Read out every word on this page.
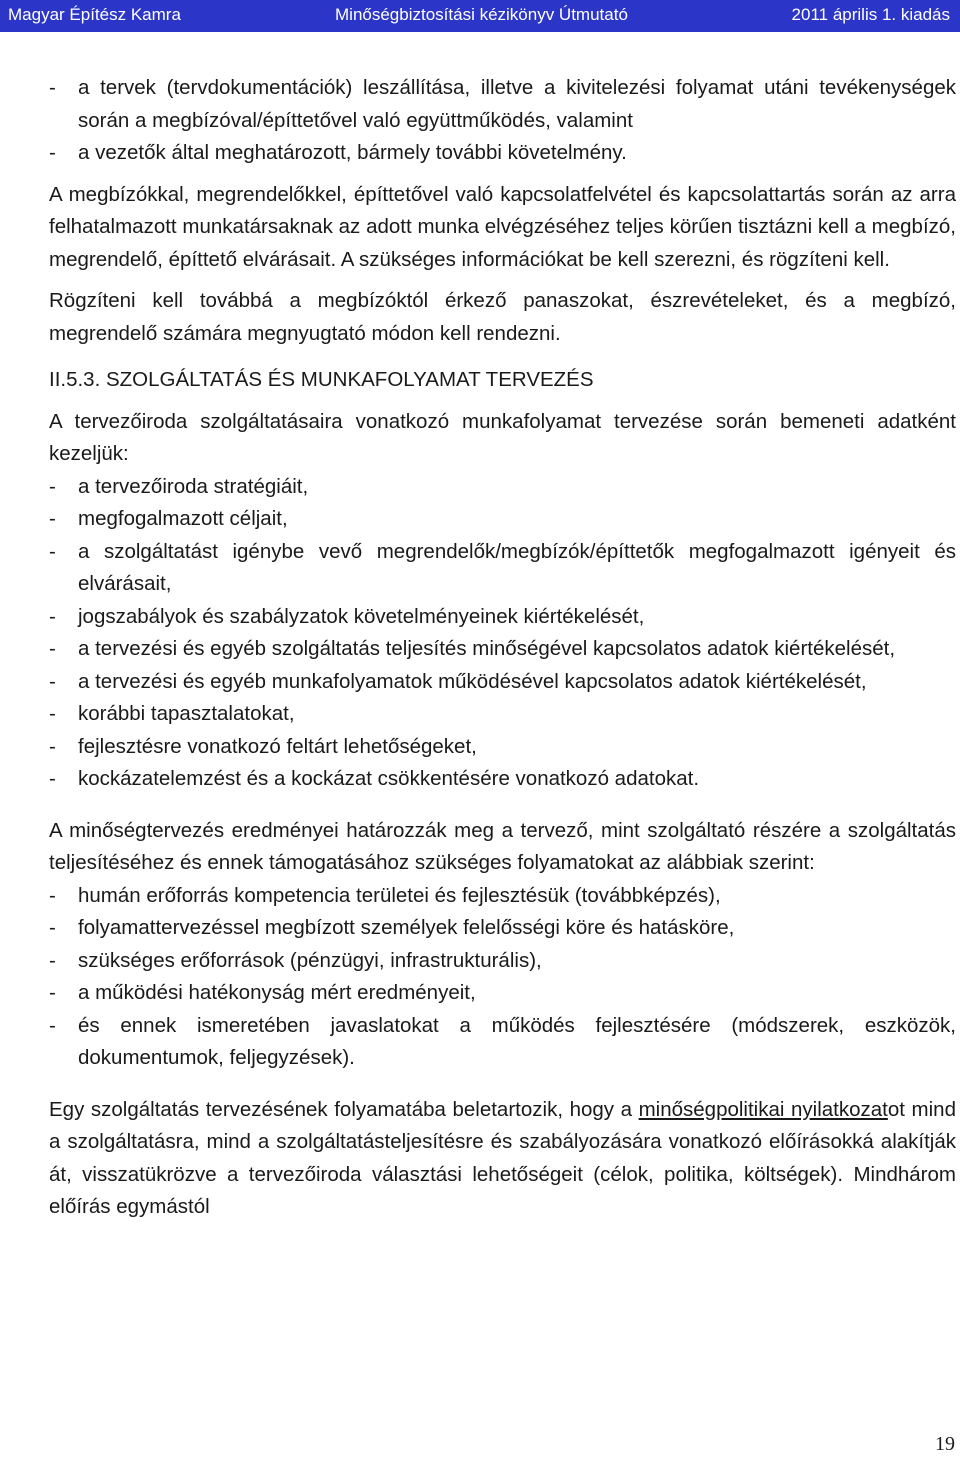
Magyar Építész Kamra	Minőségbiztosítási kézikönyv Útmutató	2011 április 1. kiadás
- a tervek (tervdokumentációk) leszállítása, illetve a kivitelezési folyamat utáni tevékenységek során a megbízóval/építtetővel való együttműködés, valamint
- a vezetők által meghatározott, bármely további követelmény.

A megbízókkal, megrendelőkkel, építtetővel való kapcsolatfelvétel és kapcsolattartás során az arra felhatalmazott munkatársaknak az adott munka elvégzéséhez teljes körűen tisztázni kell a megbízó, megrendelő, építtető elvárásait. A szükséges információkat be kell szerezni, és rögzíteni kell.

Rögzíteni kell továbbá a megbízóktól érkező panaszokat, észrevételeket, és a megbízó, megrendelő számára megnyugtató módon kell rendezni.

II.5.3. SZOLGÁLTATÁS ÉS MUNKAFOLYAMAT TERVEZÉS

A tervezőiroda szolgáltatásaira vonatkozó munkafolyamat tervezése során bemeneti adatként kezeljük:

- a tervezőiroda stratégiáit,
- megfogalmazott céljait,
- a szolgáltatást igénybe vevő megrendelők/megbízók/építtetők megfogalmazott igényeit és elvárásait,
- jogszabályok és szabályzatok követelményeinek kiértékelését,
- a tervezési és egyéb szolgáltatás teljesítés minőségével kapcsolatos adatok kiértékelését,
- a tervezési és egyéb munkafolyamatok működésével kapcsolatos adatok kiértékelését,
- korábbi tapasztalatokat,
- fejlesztésre vonatkozó feltárt lehetőségeket,
- kockázatelemzést és a kockázat csökkentésére vonatkozó adatokat.

A minőségtervezés eredményei határozzák meg a tervező, mint szolgáltató részére a szolgáltatás teljesítéséhez és ennek támogatásához szükséges folyamatokat az alábbiak szerint:

- humán erőforrás kompetencia területei és fejlesztésük (továbbképzés),
- folyamattervezéssel megbízott személyek felelősségi köre és hatásköre,
- szükséges erőforrások (pénzügyi, infrastrukturális),
- a működési hatékonyság mért eredményeit,
- és ennek ismeretében javaslatokat a működés fejlesztésére (módszerek, eszközök, dokumentumok, feljegyzések).

Egy szolgáltatás tervezésének folyamatába beletartozik, hogy a minőségpolitikai nyilatkozatot mind a szolgáltatásra, mind a szolgáltatásteljesítésre és szabályozására vonatkozó előírásokká alakítják át, visszatükrözve a tervezőiroda választási lehetőségeit (célok, politika, költségek). Mindhárom előírás egymástól

19
